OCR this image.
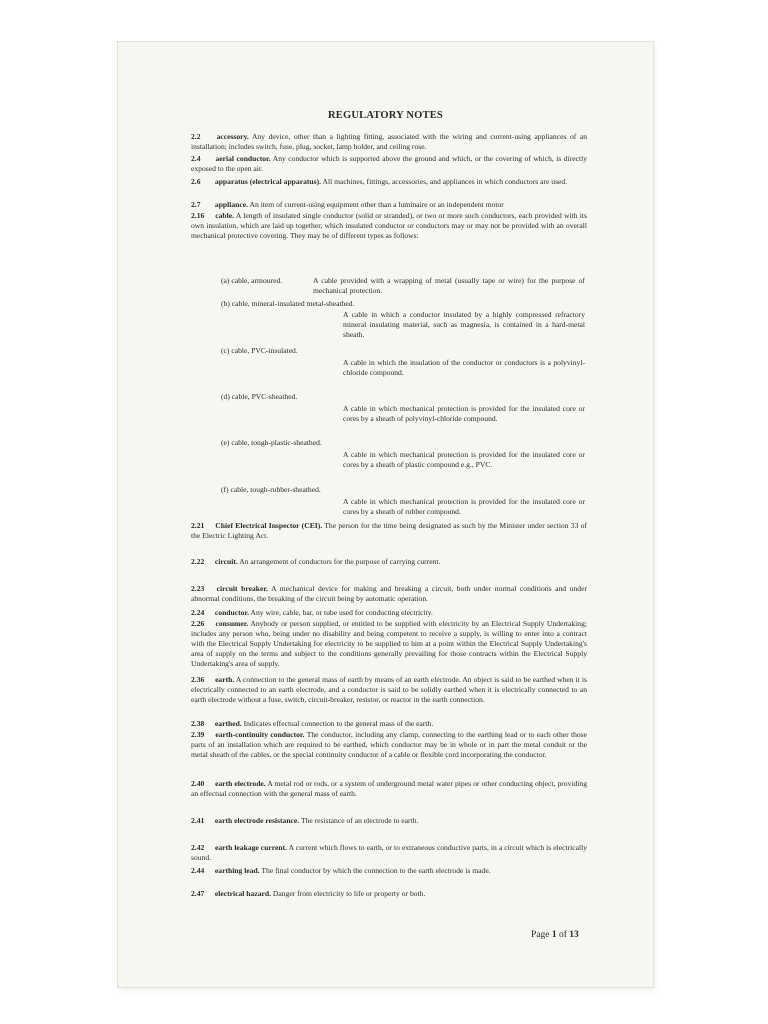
REGULATORY NOTES
2.2 accessory. Any device, other than a lighting fitting, associated with the wiring and current-using appliances of an installation; includes switch, fuse, plug, socket, lamp holder, and ceiling rose.
2.4 aerial conductor. Any conductor which is supported above the ground and which, or the covering of which, is directly exposed to the open air.
2.6 apparatus (electrical apparatus). All machines, fittings, accessories, and appliances in which conductors are used.
2.7 appliance. An item of current-using equipment other than a luminaire or an independent motor
2.16 cable. A length of insulated single conductor (solid or stranded), or two or more such conductors, each provided with its own insulation, which are laid up together, which insulated conductor or conductors may or may not be provided with an overall mechanical protective covering. They may be of different types as follows:
(a) cable, armoured.	A cable provided with a wrapping of metal (usually tape or wire) for the purpose of mechanical protection.
(b) cable, mineral-insulated metal-sheathed.
A cable in which a conductor insulated by a highly compressed refractory mineral insulating material, such as magnesia, is contained in a hard-metal sheath.
(c) cable, PVC-insulated.
A cable in which the insulation of the conductor or conductors is a polyvinyl-chloride compound.
(d) cable, PVC-sheathed.
A cable in which mechanical protection is provided for the insulated core or cores by a sheath of polyvinyl-chloride compound.
(e) cable, tough-plastic-sheathed.
A cable in which mechanical protection is provided for the insulated core or cores by a sheath of plastic compound e.g., PVC.
(f) cable, tough-rubber-sheathed.
A cable in which mechanical protection is provided for the insulated core or cores by a sheath of rubber compound.
2.21 Chief Electrical Inspector (CEI). The person for the time being designated as such by the Minister under section 33 of the Electric Lighting Act.
2.22 circuit. An arrangement of conductors for the purpose of carrying current.
2.23 circuit breaker. A mechanical device for making and breaking a circuit, both under normal conditions and under abnormal conditions, the breaking of the circuit being by automatic operation.
2.24 conductor. Any wire, cable, bar, or tube used for conducting electricity.
2.26 consumer. Anybody or person supplied, or entitled to be supplied with electricity by an Electrical Supply Undertaking; includes any person who, being under no disability and being competent to receive a supply, is willing to enter into a contract with the Electrical Supply Undertaking for electricity to be supplied to him at a point within the Electrical Supply Undertaking's area of supply on the terms and subject to the conditions generally prevailing for those contracts within the Electrical Supply Undertaking's area of supply.
2.36 earth. A connection to the general mass of earth by means of an earth electrode. An object is said to be earthed when it is electrically connected to an earth electrode, and a conductor is said to be solidly earthed when it is electrically connected to an earth electrode without a fuse, switch, circuit-breaker, resistor, or reactor in the earth connection.
2.38 earthed. Indicates effectual connection to the general mass of the earth.
2.39 earth-continuity conductor. The conductor, including any clamp, connecting to the earthing lead or to each other those parts of an installation which are required to be earthed, which conductor may be in whole or in part the metal conduit or the metal sheath of the cables, or the special continuity conductor of a cable or flexible cord incorporating the conductor.
2.40 earth electrode. A metal rod or rods, or a system of underground metal water pipes or other conducting object, providing an effectual connection with the general mass of earth.
2.41 earth electrode resistance. The resistance of an electrode to earth.
2.42 earth leakage current. A current which flows to earth, or to extraneous conductive parts, in a circuit which is electrically sound.
2.44 earthing lead. The final conductor by which the connection to the earth electrode is made.
2.47 electrical hazard. Danger from electricity to life or property or both.
Page 1 of 13
